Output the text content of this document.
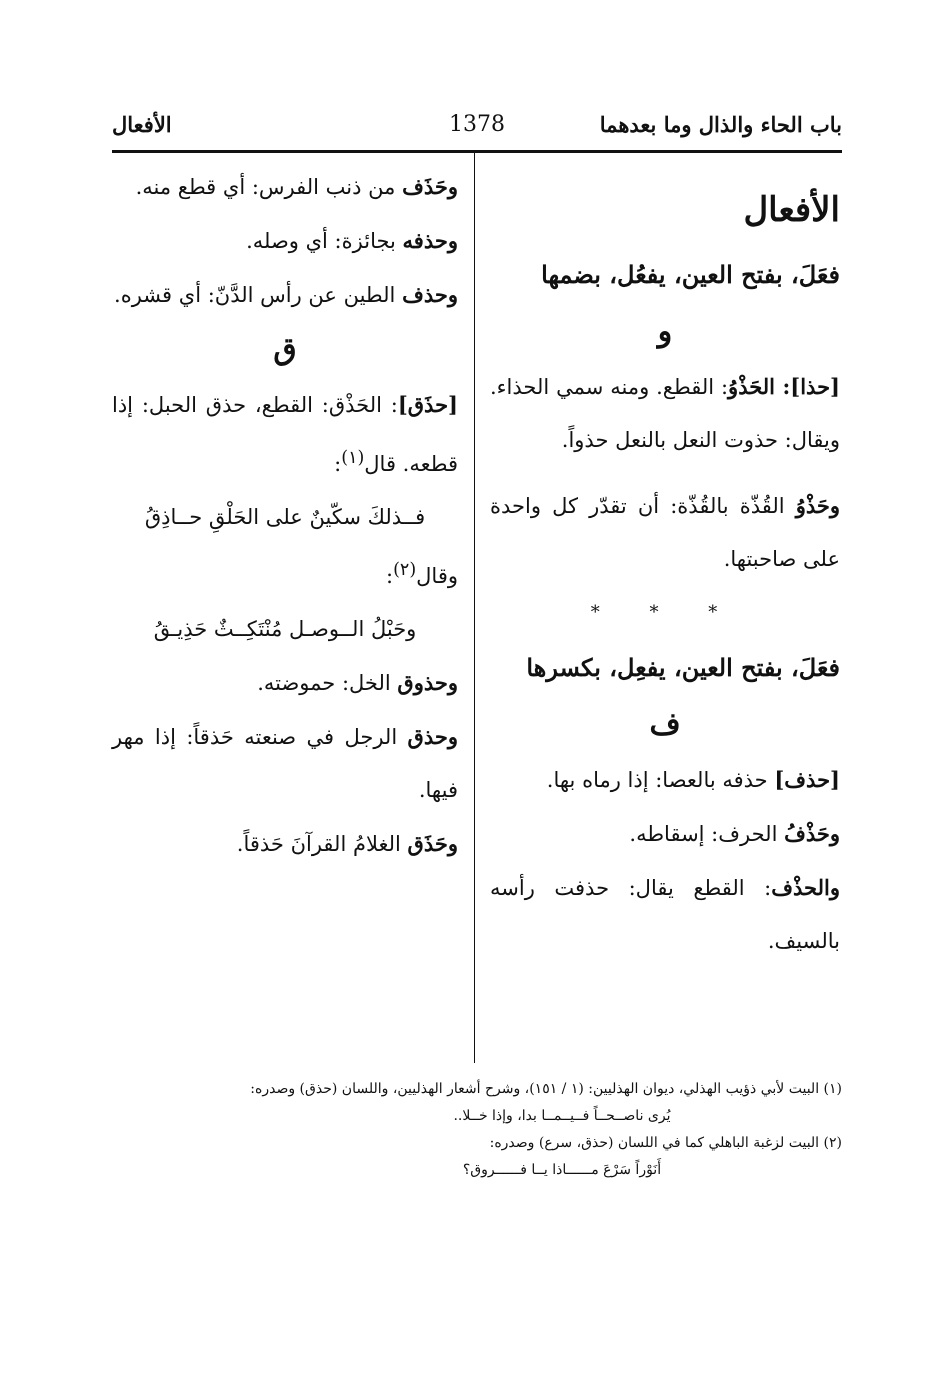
باب الحاء والذال وما بعدهما
1378
الأفعال

الأفعال

فعَلَ، بفتح العين، يفعُل، بضمها

و

[حذا]: الحَذْوُ: القطع. ومنه سمي الحذاء. ويقال: حذوت النعل بالنعل حذواً.

وحَذْوُ القُذّة بالقُذّة: أن تقدّر كل واحدة على صاحبتها.

* * *

فعَلَ، بفتح العين، يفعِل، بكسرها

ف

[حذف] حذفه بالعصا: إذا رماه بها.

وحَذْفُ الحرف: إسقاطه.

والحذْف: القطع يقال: حذفت رأسه بالسيف.

وحَذَف من ذنب الفرس: أي قطع منه.

وحذفه بجائزة: أي وصله.

وحذف الطين عن رأس الدَّنّ: أي قشره.

ق

[حذَق]: الحَذْق: القطع، حذق الحبل: إذا قطعه. قال$^{(١)}$:

فــذلكَ سكّينٌ على الحَلْقِ حــاذِقُ

وقال$^{(٢)}$:

وحَبْلُ الــوصـل مُنْتَكِــثٌ حَذِيـقُ

وحذوق الخل: حموضته.

وحذق الرجل في صنعته حَذقاً: إذا مهر فيها.

وحَذَق الغلامُ القرآنَ حَذقاً.

(١) البيت لأبي ذؤيب الهذلي، ديوان الهذليين: (١ / ١٥١)، وشرح أشعار الهذليين، واللسان (حذق) وصدره:

يُرى ناصــحــاً فــيــمــا بدا، وإذا خــلا..

(٢) البيت لزغبة الباهلي كما في اللسان (حذق، سرع) وصدره:

أَنَوْراً سَرْعَ مــــــاذا يــا فــــــروق؟
